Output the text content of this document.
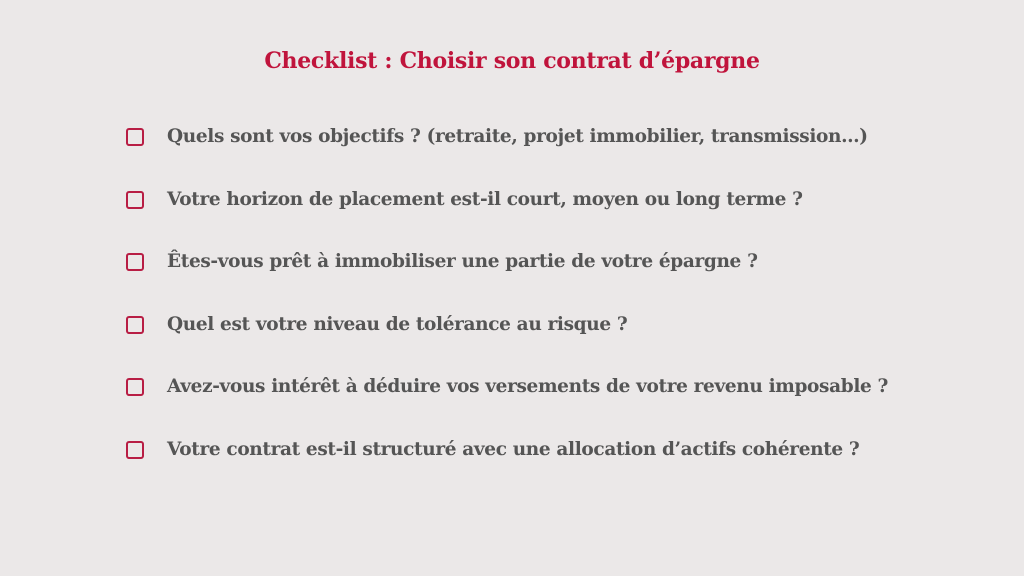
Checklist : Choisir son contrat d’épargne
Quels sont vos objectifs ? (retraite, projet immobilier, transmission…)
Votre horizon de placement est-il court, moyen ou long terme ?
Êtes-vous prêt à immobiliser une partie de votre épargne ?
Quel est votre niveau de tolérance au risque ?
Avez-vous intérêt à déduire vos versements de votre revenu imposable ?
Votre contrat est-il structuré avec une allocation d’actifs cohérente ?
